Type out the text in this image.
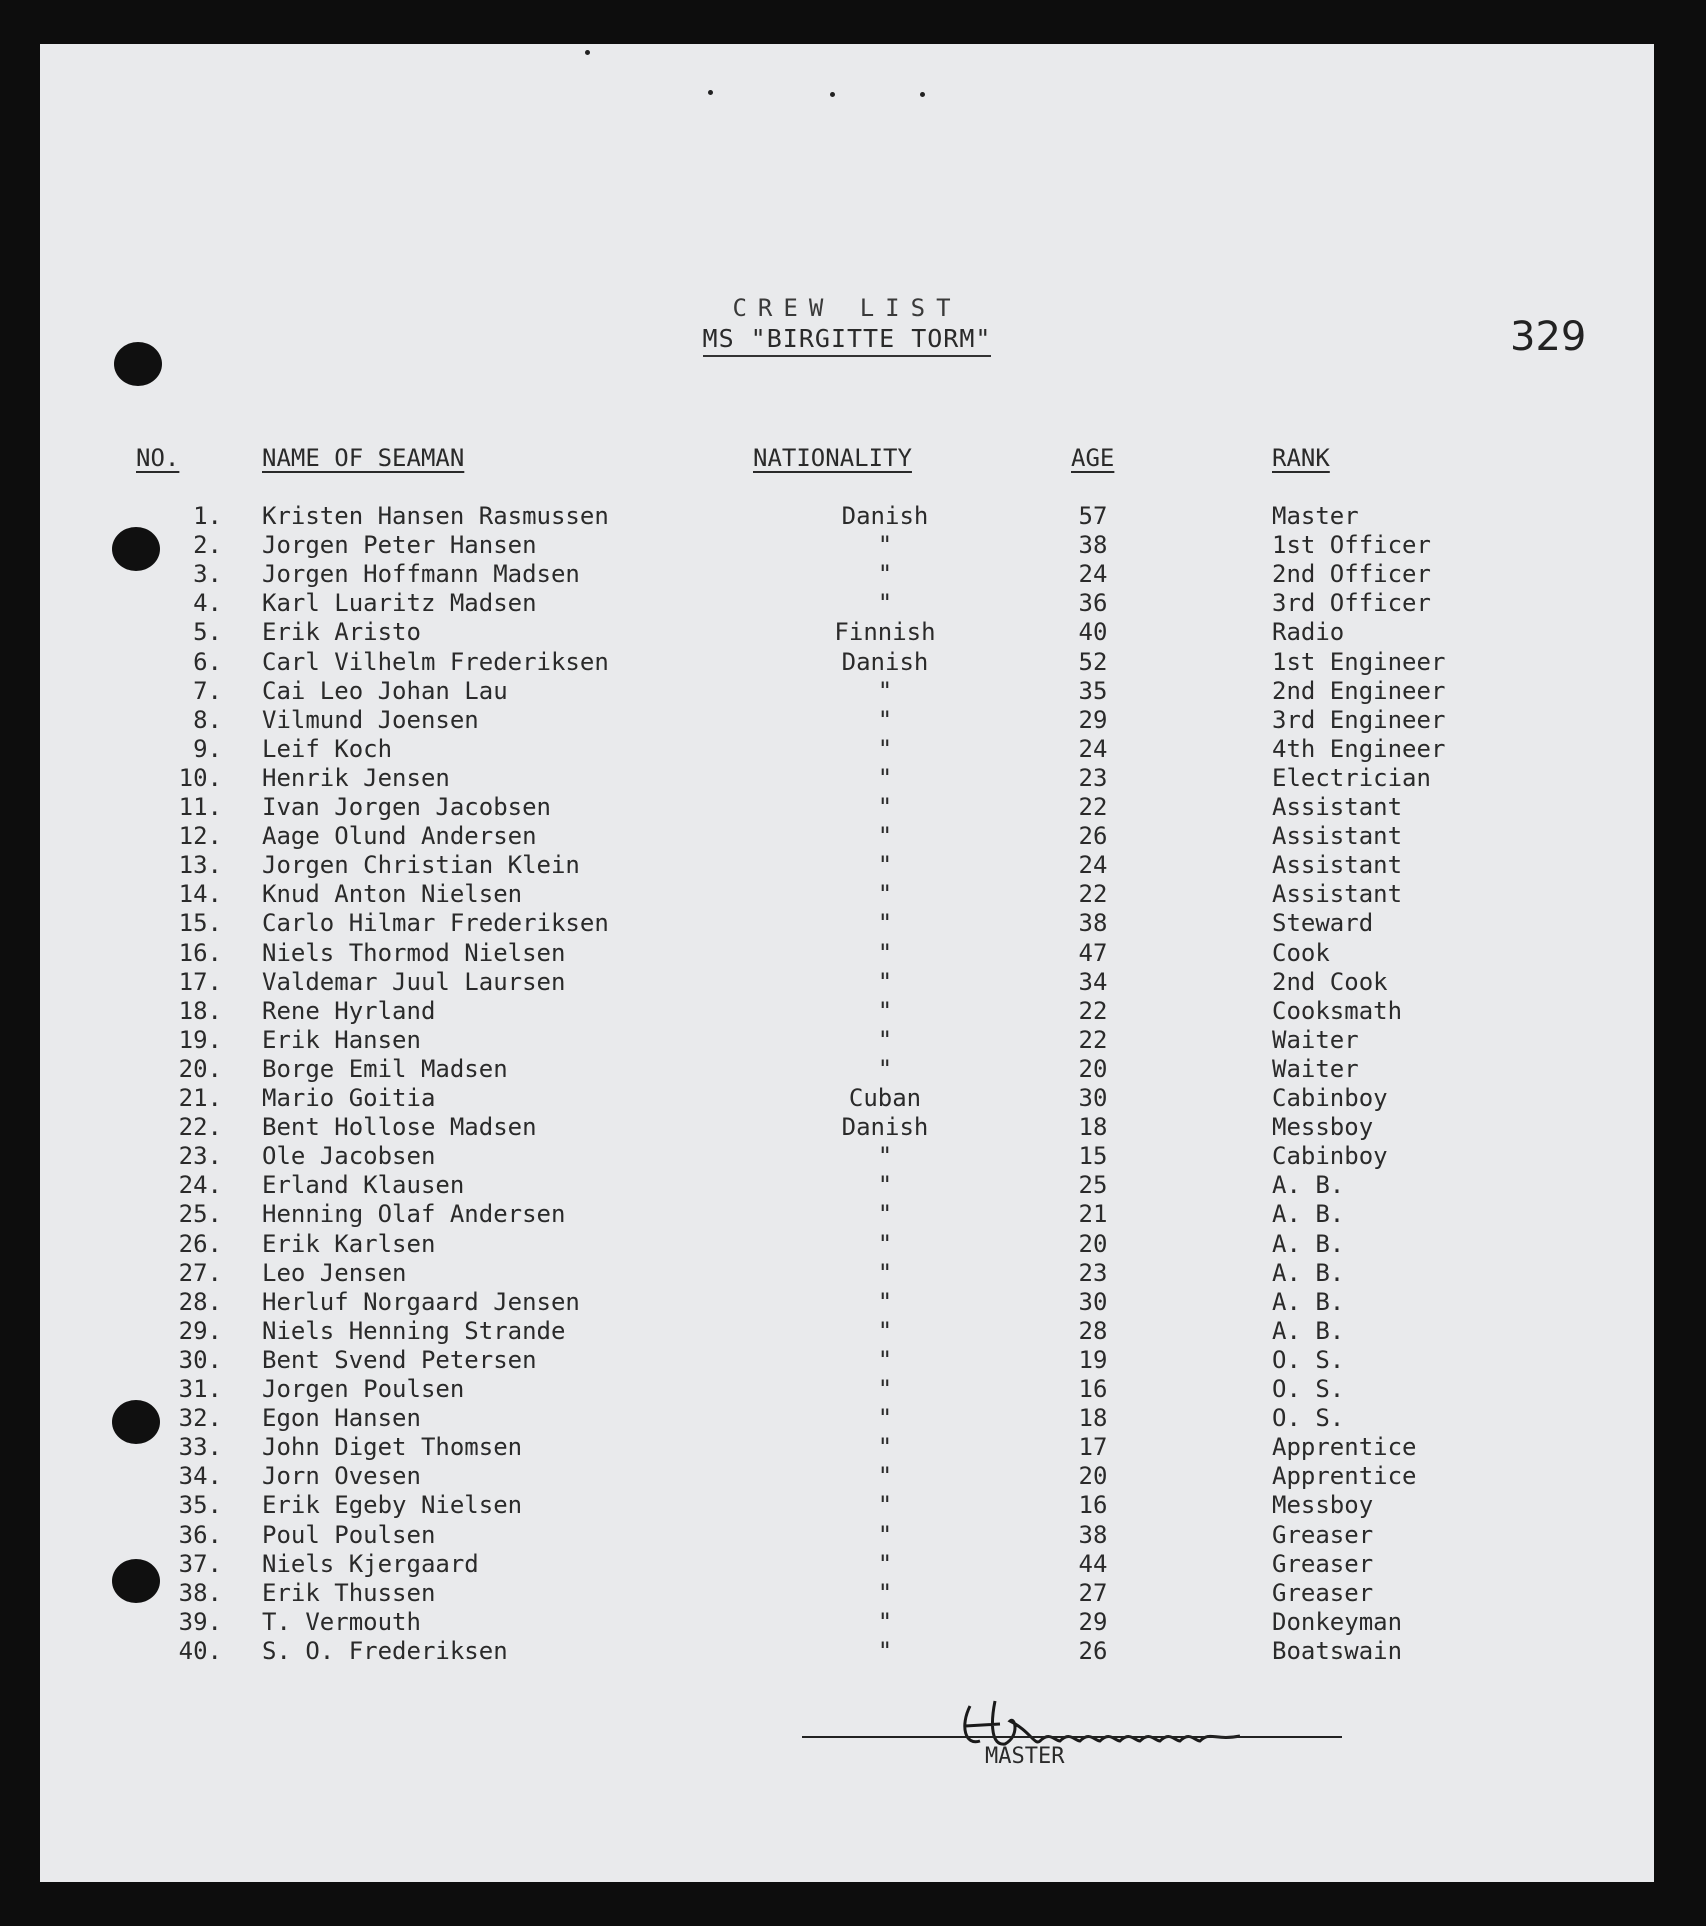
CREW LIST
MS "BIRGITTE TORM"	329
NO.	NAME OF SEAMAN	NATIONALITY	AGE	RANK
1. Kristen Hansen Rasmussen	Danish	57	Master
2. Jorgen Peter Hansen	"	38	1st Officer
3. Jorgen Hoffmann Madsen	"	24	2nd Officer
4. Karl Luaritz Madsen	"	36	3rd Officer
5. Erik Aristo	Finnish	40	Radio
6. Carl Vilhelm Frederiksen	Danish	52	1st Engineer
7. Cai Leo Johan Lau	"	35	2nd Engineer
8. Vilmund Joensen	"	29	3rd Engineer
9. Leif Koch	"	24	4th Engineer
10. Henrik Jensen	"	23	Electrician
11. Ivan Jorgen Jacobsen	"	22	Assistant
12. Aage Olund Andersen	"	26	Assistant
13. Jorgen Christian Klein	"	24	Assistant
14. Knud Anton Nielsen	"	22	Assistant
15. Carlo Hilmar Frederiksen	"	38	Steward
16. Niels Thormod Nielsen	"	47	Cook
17. Valdemar Juul Laursen	"	34	2nd Cook
18. Rene Hyrland	"	22	Cooksmath
19. Erik Hansen	"	22	Waiter
20. Borge Emil Madsen	"	20	Waiter
21. Mario Goitia	Cuban	30	Cabinboy
22. Bent Hollose Madsen	Danish	18	Messboy
23. Ole Jacobsen	"	15	Cabinboy
24. Erland Klausen	"	25	A. B.
25. Henning Olaf Andersen	"	21	A. B.
26. Erik Karlsen	"	20	A. B.
27. Leo Jensen	"	23	A. B.
28. Herluf Norgaard Jensen	"	30	A. B.
29. Niels Henning Strande	"	28	A. B.
30. Bent Svend Petersen	"	19	O. S.
31. Jorgen Poulsen	"	16	O. S.
32. Egon Hansen	"	18	O. S.
33. John Diget Thomsen	"	17	Apprentice
34. Jorn Ovesen	"	20	Apprentice
35. Erik Egeby Nielsen	"	16	Messboy
36. Poul Poulsen	"	38	Greaser
37. Niels Kjergaard	"	44	Greaser
38. Erik Thussen	"	27	Greaser
39. T. Vermouth	"	29	Donkeyman
40. S. O. Frederiksen	"	26	Boatswain
MASTER
